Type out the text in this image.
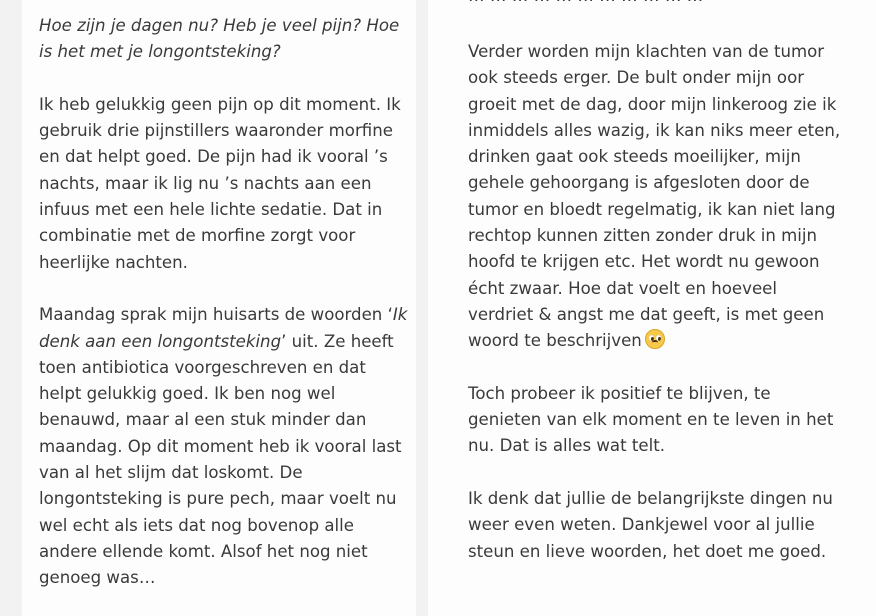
Hoe zijn je dagen nu? Heb je veel pijn? Hoe
is het met je longontsteking?
Ik heb gelukkig geen pijn op dit moment. Ik
gebruik drie pijnstillers waaronder morfine
en dat helpt goed. De pijn had ik vooral ’s
nachts, maar ik lig nu ’s nachts aan een
infuus met een hele lichte sedatie. Dat in
combinatie met de morfine zorgt voor
heerlijke nachten.
Maandag sprak mijn huisarts de woorden ‘Ik
denk aan een longontsteking’ uit. Ze heeft
toen antibiotica voorgeschreven en dat
helpt gelukkig goed. Ik ben nog wel
benauwd, maar al een stuk minder dan
maandag. Op dit moment heb ik vooral last
van al het slijm dat loskomt. De
longontsteking is pure pech, maar voelt nu
wel echt als iets dat nog bovenop alle
andere ellende komt. Alsof het nog niet
genoeg was…
Verder worden mijn klachten van de tumor
ook steeds erger. De bult onder mijn oor
groeit met de dag, door mijn linkeroog zie ik
inmiddels alles wazig, ik kan niks meer eten,
drinken gaat ook steeds moeilijker, mijn
gehele gehoorgang is afgesloten door de
tumor en bloedt regelmatig, ik kan niet lang
rechtop kunnen zitten zonder druk in mijn
hoofd te krijgen etc. Het wordt nu gewoon
écht zwaar. Hoe dat voelt en hoeveel
verdriet & angst me dat geeft, is met geen
woord te beschrijven
Toch probeer ik positief te blijven, te
genieten van elk moment en te leven in het
nu. Dat is alles wat telt.
Ik denk dat jullie de belangrijkste dingen nu
weer even weten. Dankjewel voor al jullie
steun en lieve woorden, het doet me goed.
